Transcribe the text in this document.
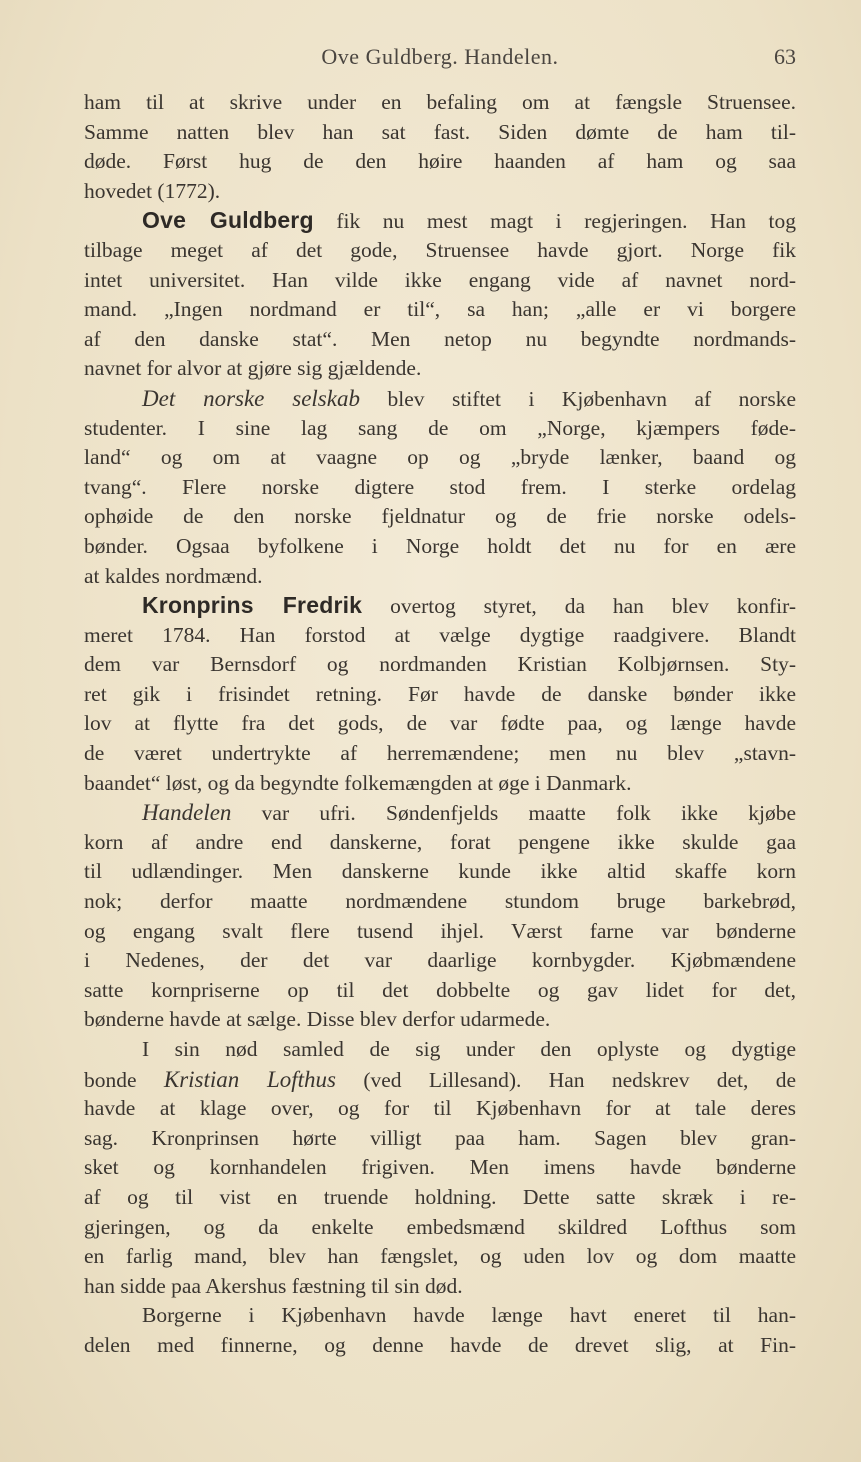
Ove Guldberg. Handelen.	63
ham til at skrive under en befaling om at fængsle Struensee.
Samme natten blev han sat fast. Siden dømte de ham til-
døde. Først hug de den høire haanden af ham og saa
hovedet (1772).
Ove Guldberg fik nu mest magt i regjeringen. Han tog
tilbage meget af det gode, Struensee havde gjort. Norge fik
intet universitet. Han vilde ikke engang vide af navnet nord-
mand. „Ingen nordmand er til“, sa han; „alle er vi borgere
af den danske stat“. Men netop nu begyndte nordmands-
navnet for alvor at gjøre sig gjældende.
Det norske selskab blev stiftet i Kjøbenhavn af norske
studenter. I sine lag sang de om „Norge, kjæmpers føde-
land“ og om at vaagne op og „bryde lænker, baand og
tvang“. Flere norske digtere stod frem. I sterke ordelag
ophøide de den norske fjeldnatur og de frie norske odels-
bønder. Ogsaa byfolkene i Norge holdt det nu for en ære
at kaldes nordmænd.
Kronprins Fredrik overtog styret, da han blev konfir-
meret 1784. Han forstod at vælge dygtige raadgivere. Blandt
dem var Bernsdorf og nordmanden Kristian Kolbjørnsen. Sty-
ret gik i frisindet retning. Før havde de danske bønder ikke
lov at flytte fra det gods, de var fødte paa, og længe havde
de været undertrykte af herremændene; men nu blev „stavn-
baandet“ løst, og da begyndte folkemængden at øge i Danmark.
Handelen var ufri. Søndenfjelds maatte folk ikke kjøbe
korn af andre end danskerne, forat pengene ikke skulde gaa
til udlændinger. Men danskerne kunde ikke altid skaffe korn
nok; derfor maatte nordmændene stundom bruge barkebrød,
og engang svalt flere tusend ihjel. Værst farne var bønderne
i Nedenes, der det var daarlige kornbygder. Kjøbmændene
satte kornpriserne op til det dobbelte og gav lidet for det,
bønderne havde at sælge. Disse blev derfor udarmede.
I sin nød samled de sig under den oplyste og dygtige
bonde Kristian Lofthus (ved Lillesand). Han nedskrev det, de
havde at klage over, og for til Kjøbenhavn for at tale deres
sag. Kronprinsen hørte villigt paa ham. Sagen blev gran-
sket og kornhandelen frigiven. Men imens havde bønderne
af og til vist en truende holdning. Dette satte skræk i re-
gjeringen, og da enkelte embedsmænd skildred Lofthus som
en farlig mand, blev han fængslet, og uden lov og dom maatte
han sidde paa Akershus fæstning til sin død.
Borgerne i Kjøbenhavn havde længe havt eneret til han-
delen med finnerne, og denne havde de drevet slig, at Fin-
